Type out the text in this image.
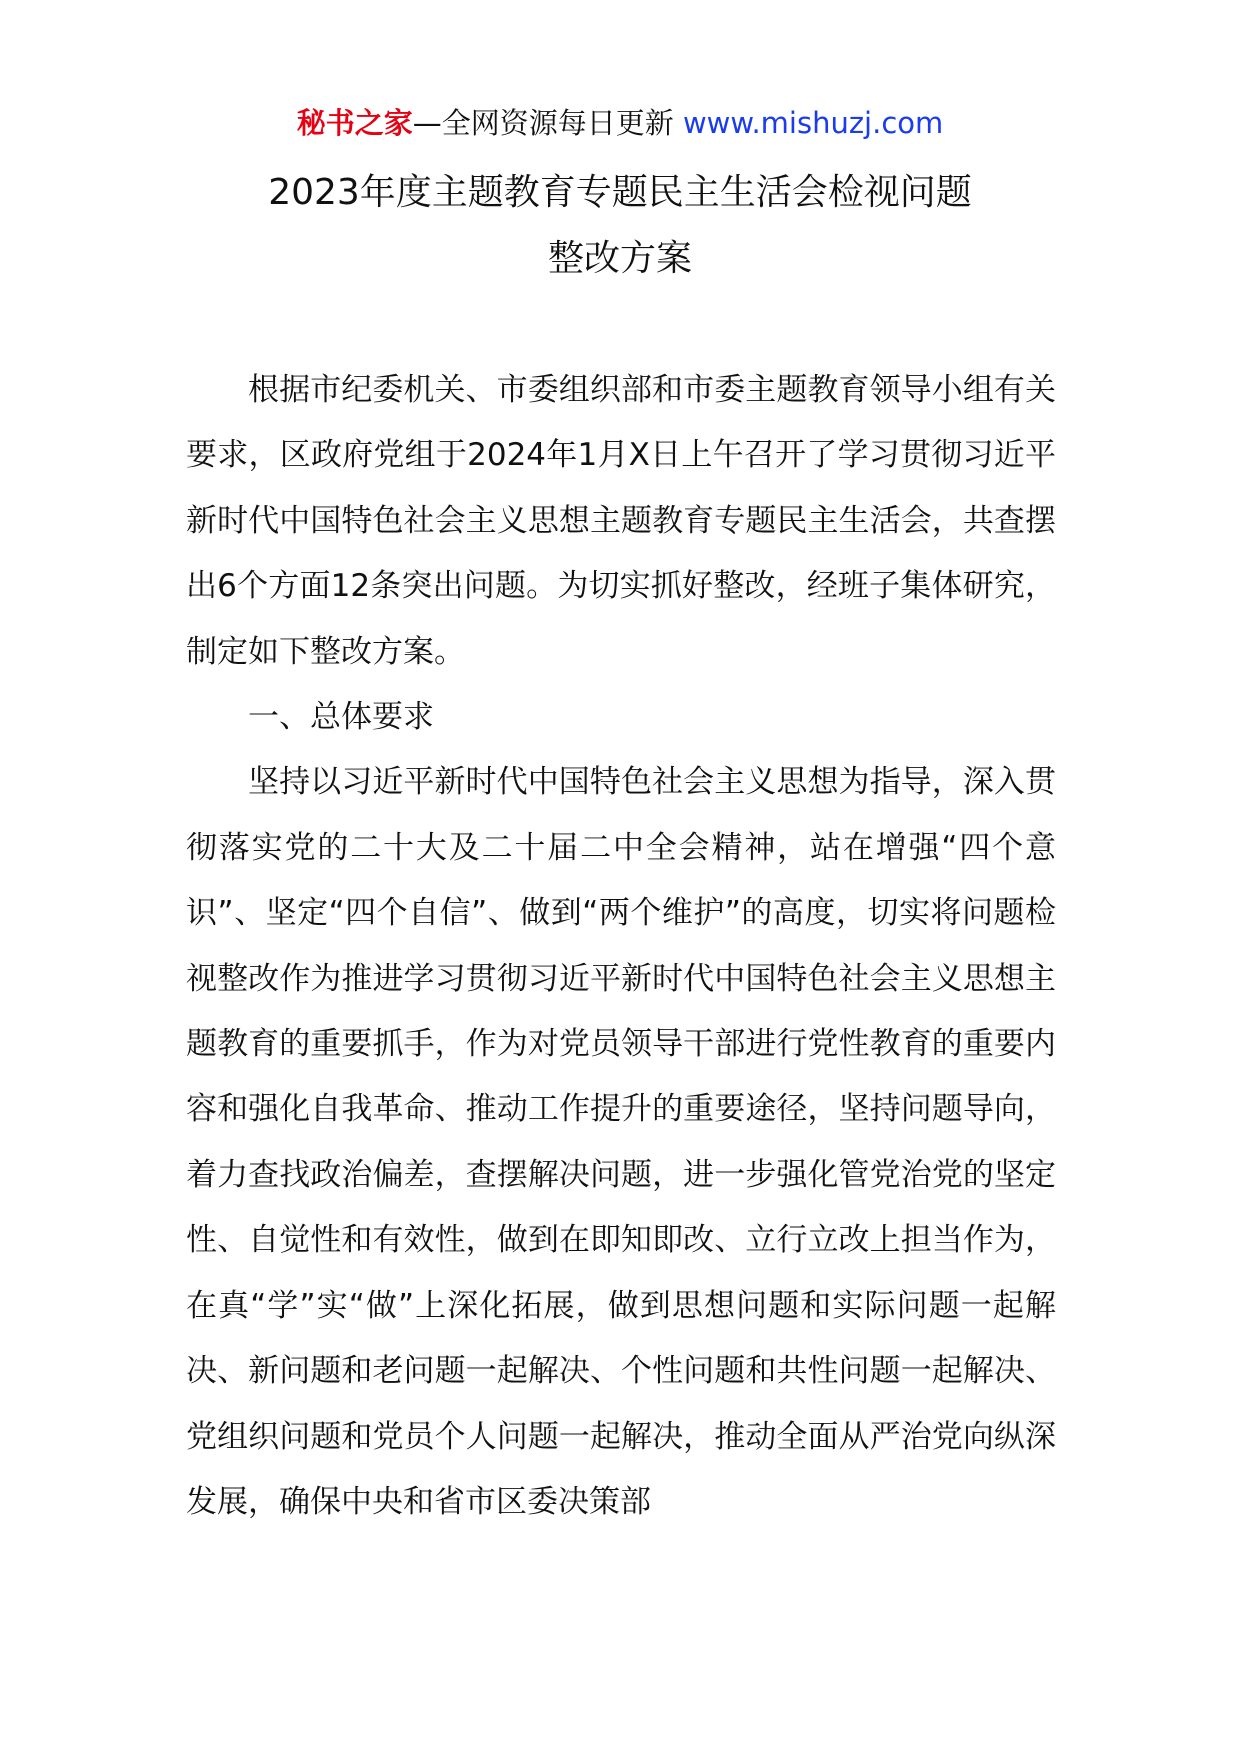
秘书之家—全网资源每日更新 www.mishuzj.com
2023年度主题教育专题民主生活会检视问题
整改方案

根据市纪委机关、市委组织部和市委主题教育领导小组有关要求，区政府党组于2024年1月X日上午召开了学习贯彻习近平新时代中国特色社会主义思想主题教育专题民主生活会，共查摆出6个方面12条突出问题。为切实抓好整改，经班子集体研究，制定如下整改方案。

一、总体要求

坚持以习近平新时代中国特色社会主义思想为指导，深入贯彻落实党的二十大及二十届二中全会精神，站在增强“四个意识”、坚定“四个自信”、做到“两个维护”的高度，切实将问题检视整改作为推进学习贯彻习近平新时代中国特色社会主义思想主题教育的重要抓手，作为对党员领导干部进行党性教育的重要内容和强化自我革命、推动工作提升的重要途径，坚持问题导向，着力查找政治偏差，查摆解决问题，进一步强化管党治党的坚定性、自觉性和有效性，做到在即知即改、立行立改上担当作为，在真“学”实“做”上深化拓展，做到思想问题和实际问题一起解决、新问题和老问题一起解决、个性问题和共性问题一起解决、党组织问题和党员个人问题一起解决，推动全面从严治党向纵深发展，确保中央和省市区委决策部
